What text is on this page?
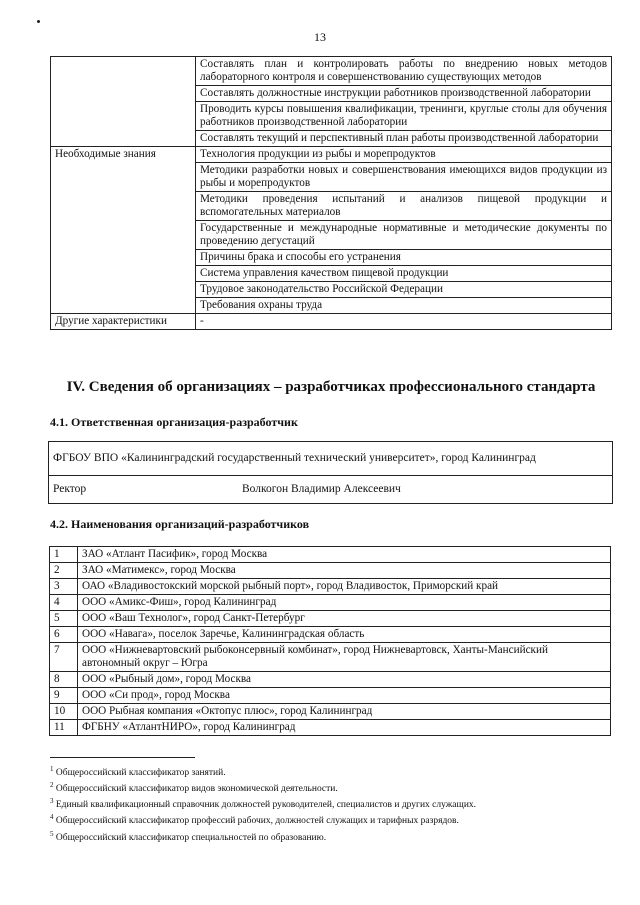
13
	Составлять план и контролировать работы по внедрению новых методов лабораторного контроля и совершенствованию существующих методов
	Составлять должностные инструкции работников производственной лаборатории
	Проводить курсы повышения квалификации, тренинги, круглые столы для обучения работников производственной лаборатории
	Составлять текущий и перспективный план работы производственной лаборатории
Необходимые знания	Технология продукции из рыбы и морепродуктов
	Методики разработки новых и совершенствования имеющихся видов продукции из рыбы и морепродуктов
	Методики проведения испытаний и анализов пищевой продукции и вспомогательных материалов
	Государственные и международные нормативные и методические документы по проведению дегустаций
	Причины брака и способы его устранения
	Система управления качеством пищевой продукции
	Трудовое законодательство Российской Федерации
	Требования охраны труда
Другие характеристики	-
IV. Сведения об организациях – разработчиках профессионального стандарта
4.1. Ответственная организация-разработчик
ФГБОУ ВПО «Калининградский государственный технический университет», город Калининград
Ректор	Волкогон Владимир Алексеевич
4.2. Наименования организаций-разработчиков
1	ЗАО «Атлант Пасифик», город Москва
2	ЗАО «Матимекс», город Москва
3	ОАО «Владивостокский морской рыбный порт», город Владивосток, Приморский край
4	ООО «Амикс-Фиш», город Калининград
5	ООО «Ваш Технолог», город Санкт-Петербург
6	ООО «Навага», поселок Заречье, Калининградская область
7	ООО «Нижневартовский рыбоконсервный комбинат», город Нижневартовск, Ханты-Мансийский автономный округ – Югра
8	ООО «Рыбный дом», город Москва
9	ООО «Си прод», город Москва
10	ООО Рыбная компания «Октопус плюс», город Калининград
11	ФГБНУ «АтлантНИРО», город Калининград
$^1$ Общероссийский классификатор занятий.
$^2$ Общероссийский классификатор видов экономической деятельности.
$^3$ Единый квалификационный справочник должностей руководителей, специалистов и других служащих.
$^4$ Общероссийский классификатор профессий рабочих, должностей служащих и тарифных разрядов.
$^5$ Общероссийский классификатор специальностей по образованию.
